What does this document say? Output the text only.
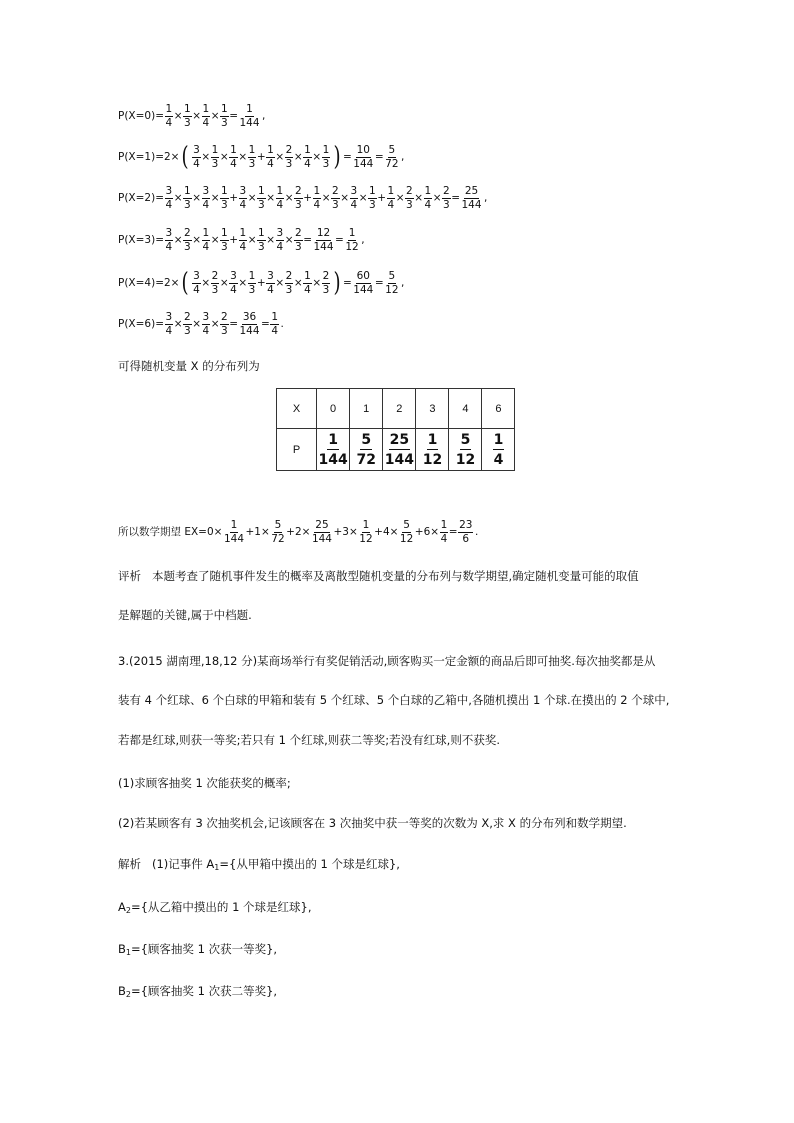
$P(X=0)= \frac{1}{4} \times \frac{1}{3} \times \frac{1}{4} \times \frac{1}{3} = \frac{1}{144}$ ,
P(X=1)=2× ( $\frac{3}{4} \times \frac{1}{3} \times \frac{1}{4} \times \frac{1}{3} + \frac{1}{4} \times \frac{2}{3} \times \frac{1}{4} \times \frac{1}{3}$ ) = $\frac{10}{144} = \frac{5}{72}$ ,
$P(X=2)= \frac{3}{4} \times \frac{1}{3} \times \frac{3}{4} \times \frac{1}{3} + \frac{3}{4} \times \frac{1}{3} \times \frac{1}{4} \times \frac{2}{3} + \frac{1}{4} \times \frac{2}{3} \times \frac{3}{4} \times \frac{1}{3} + \frac{1}{4} \times \frac{2}{3} \times \frac{1}{4} \times \frac{2}{3} = \frac{25}{144}$ ,
$P(X=3)= \frac{3}{4} \times \frac{2}{3} \times \frac{1}{4} \times \frac{1}{3} + \frac{1}{4} \times \frac{1}{3} \times \frac{3}{4} \times \frac{2}{3} = \frac{12}{144} = \frac{1}{12}$ ,
P(X=4)=2× ( $\frac{3}{4} \times \frac{2}{3} \times \frac{3}{4} \times \frac{1}{3} + \frac{3}{4} \times \frac{2}{3} \times \frac{1}{4} \times \frac{2}{3}$ ) = $\frac{60}{144} = \frac{5}{12}$ ,
$P(X=6)= \frac{3}{4} \times \frac{2}{3} \times \frac{3}{4} \times \frac{2}{3} = \frac{36}{144} = \frac{1}{4}$ .
可得随机变量 X 的分布列为
X	0	1	2	3	4	6
P	$\frac{1}{144}$	$\frac{5}{72}$	$\frac{25}{144}$	$\frac{1}{12}$	$\frac{5}{12}$	$\frac{1}{4}$
所以数学期望 $EX=0\times \frac{1}{144} +1\times \frac{5}{72} +2\times \frac{25}{144} +3\times \frac{1}{12} +4\times \frac{5}{12} +6\times \frac{1}{4} = \frac{23}{6}$ .
评析 本题考查了随机事件发生的概率及离散型随机变量的分布列与数学期望,确定随机变量可能的取值
是解题的关键,属于中档题.
3.(2015 湖南理,18,12 分)某商场举行有奖促销活动,顾客购买一定金额的商品后即可抽奖.每次抽奖都是从
装有 4 个红球、6 个白球的甲箱和装有 5 个红球、5 个白球的乙箱中,各随机摸出 1 个球.在摸出的 2 个球中,
若都是红球,则获一等奖;若只有 1 个红球,则获二等奖;若没有红球,则不获奖.
(1)求顾客抽奖 1 次能获奖的概率;
(2)若某顾客有 3 次抽奖机会,记该顾客在 3 次抽奖中获一等奖的次数为 X,求 X 的分布列和数学期望.
解析 (1)记事件 $A_1=${从甲箱中摸出的 1 个球是红球},
$A_2=${从乙箱中摸出的 1 个球是红球},
$B_1=${顾客抽奖 1 次获一等奖},
$B_2=${顾客抽奖 1 次获二等奖},
